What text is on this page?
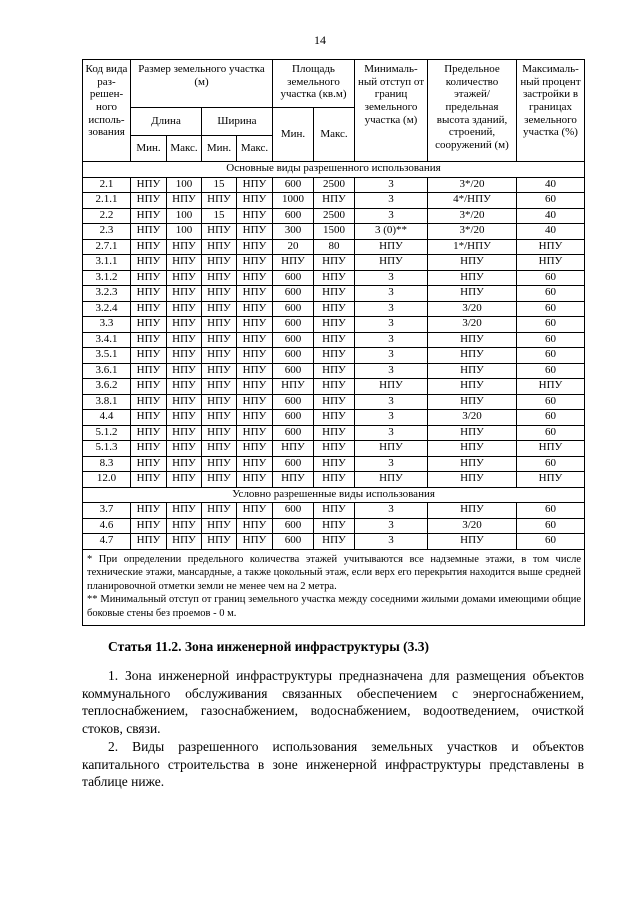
14
Код вида раз-решен-ного исполь-зования	Размер земельного участка (м)				Площадь земельного участка (кв.м)		Минималь-ный отступ от границ земельного участка (м)	Предельное количество этажей/ предельная высота зданий, строений, сооружений (м)	Максималь-ный процент застройки в границах земельного участка (%)
	Длина		Ширина		Мин.	Макс.			
	Мин.	Макс.	Мин.	Макс.					
Основные виды разрешенного использования									
2.1	НПУ	100	15	НПУ	600	2500	3	3*/20	40
2.1.1	НПУ	НПУ	НПУ	НПУ	1000	НПУ	3	4*/НПУ	60
2.2	НПУ	100	15	НПУ	600	2500	3	3*/20	40
2.3	НПУ	100	НПУ	НПУ	300	1500	3 (0)**	3*/20	40
2.7.1	НПУ	НПУ	НПУ	НПУ	20	80	НПУ	1*/НПУ	НПУ
3.1.1	НПУ	НПУ	НПУ	НПУ	НПУ	НПУ	НПУ	НПУ	НПУ
3.1.2	НПУ	НПУ	НПУ	НПУ	600	НПУ	3	НПУ	60
3.2.3	НПУ	НПУ	НПУ	НПУ	600	НПУ	3	НПУ	60
3.2.4	НПУ	НПУ	НПУ	НПУ	600	НПУ	3	3/20	60
3.3	НПУ	НПУ	НПУ	НПУ	600	НПУ	3	3/20	60
3.4.1	НПУ	НПУ	НПУ	НПУ	600	НПУ	3	НПУ	60
3.5.1	НПУ	НПУ	НПУ	НПУ	600	НПУ	3	НПУ	60
3.6.1	НПУ	НПУ	НПУ	НПУ	600	НПУ	3	НПУ	60
3.6.2	НПУ	НПУ	НПУ	НПУ	НПУ	НПУ	НПУ	НПУ	НПУ
3.8.1	НПУ	НПУ	НПУ	НПУ	600	НПУ	3	НПУ	60
4.4	НПУ	НПУ	НПУ	НПУ	600	НПУ	3	3/20	60
5.1.2	НПУ	НПУ	НПУ	НПУ	600	НПУ	3	НПУ	60
5.1.3	НПУ	НПУ	НПУ	НПУ	НПУ	НПУ	НПУ	НПУ	НПУ
8.3	НПУ	НПУ	НПУ	НПУ	600	НПУ	3	НПУ	60
12.0	НПУ	НПУ	НПУ	НПУ	НПУ	НПУ	НПУ	НПУ	НПУ
Условно разрешенные виды использования									
3.7	НПУ	НПУ	НПУ	НПУ	600	НПУ	3	НПУ	60
4.6	НПУ	НПУ	НПУ	НПУ	600	НПУ	3	3/20	60
4.7	НПУ	НПУ	НПУ	НПУ	600	НПУ	3	НПУ	60

* При определении предельного количества этажей учитываются все надземные этажи, в том числе технические этажи, мансардные, а также цокольный этаж, если верх его перекрытия находится выше средней планировочной отметки земли не менее чем на 2 метра.
** Минимальный отступ от границ земельного участка между соседними жилыми домами имеющими общие боковые стены без проемов - 0 м.									
Статья 11.2. Зона инженерной инфраструктуры (3.3)
1. Зона инженерной инфраструктуры предназначена для размещения объектов коммунального обслуживания связанных обеспечением с энергоснабжением, теплоснабжением, газоснабжением, водоснабжением, водоотведением, очисткой стоков, связи.
2. Виды разрешенного использования земельных участков и объектов капитального строительства в зоне инженерной инфраструктуры представлены в таблице ниже.
